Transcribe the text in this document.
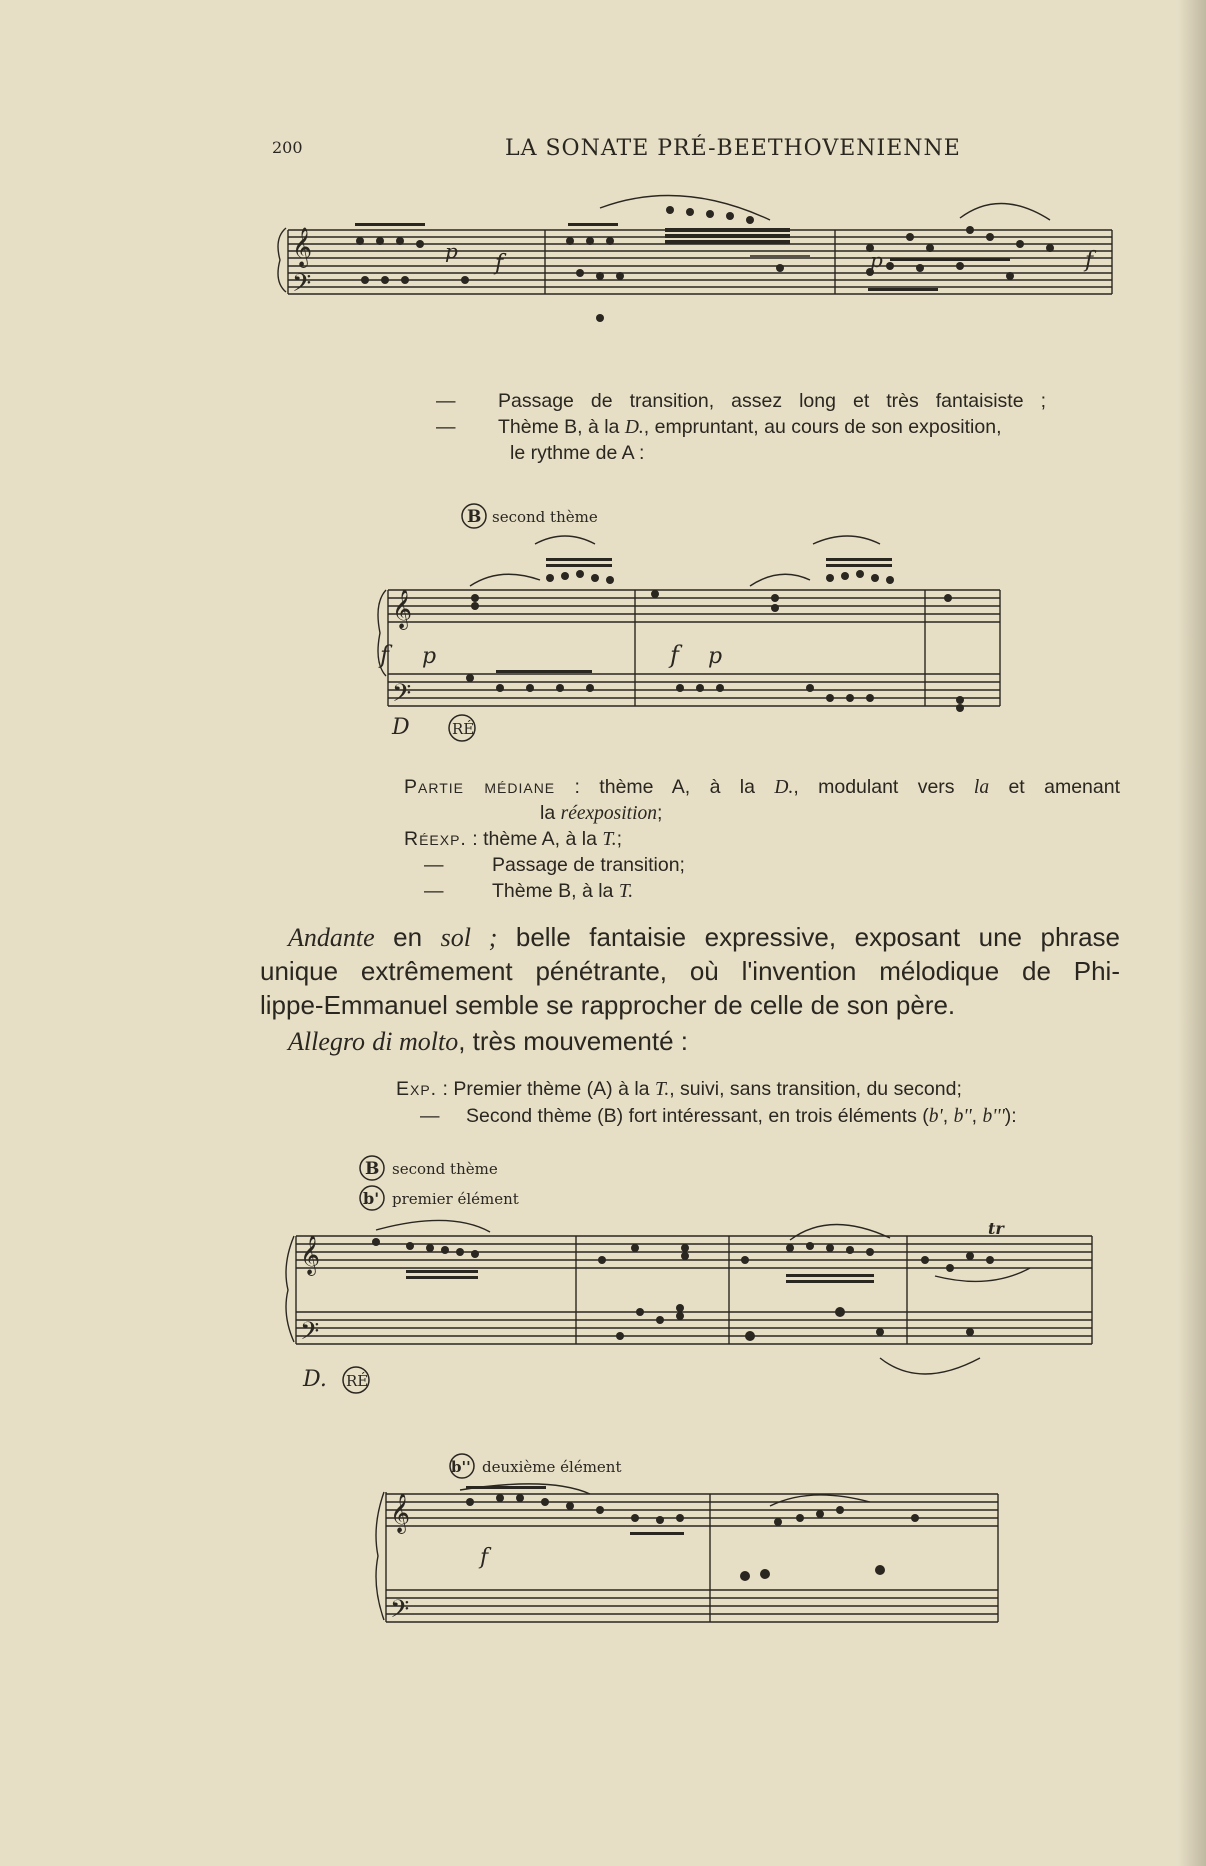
200	LA SONATE PRÉ-BEETHOVENIENNE
𝄞
𝄢
p f	p	f
— Passage de transition, assez long et très fantaisiste ;
— Thème B, à la D., empruntant, au cours de son exposition,
le rythme de A :
B second thème
𝄞
𝄢
f p	f p
D	RÉ
Partie médiane : thème A, à la D., modulant vers la et amenant
la réexposition;
Réexp. : thème A, à la T.;
— Passage de transition;
— Thème B, à la T.
Andante en sol ; belle fantaisie expressive, exposant une phrase
unique extrêmement pénétrante, où l'invention mélodique de Phi-
lippe-Emmanuel semble se rapprocher de celle de son père.
Allegro di molto, très mouvementé :
Exp. : Premier thème (A) à la T., suivi, sans transition, du second;
— Second thème (B) fort intéressant, en trois éléments (b', b'', b'''):
B second thème
b' premier élément
tr
𝄞
𝄢
D. RÉ
b'' deuxième élément
𝄞
𝄢
f
